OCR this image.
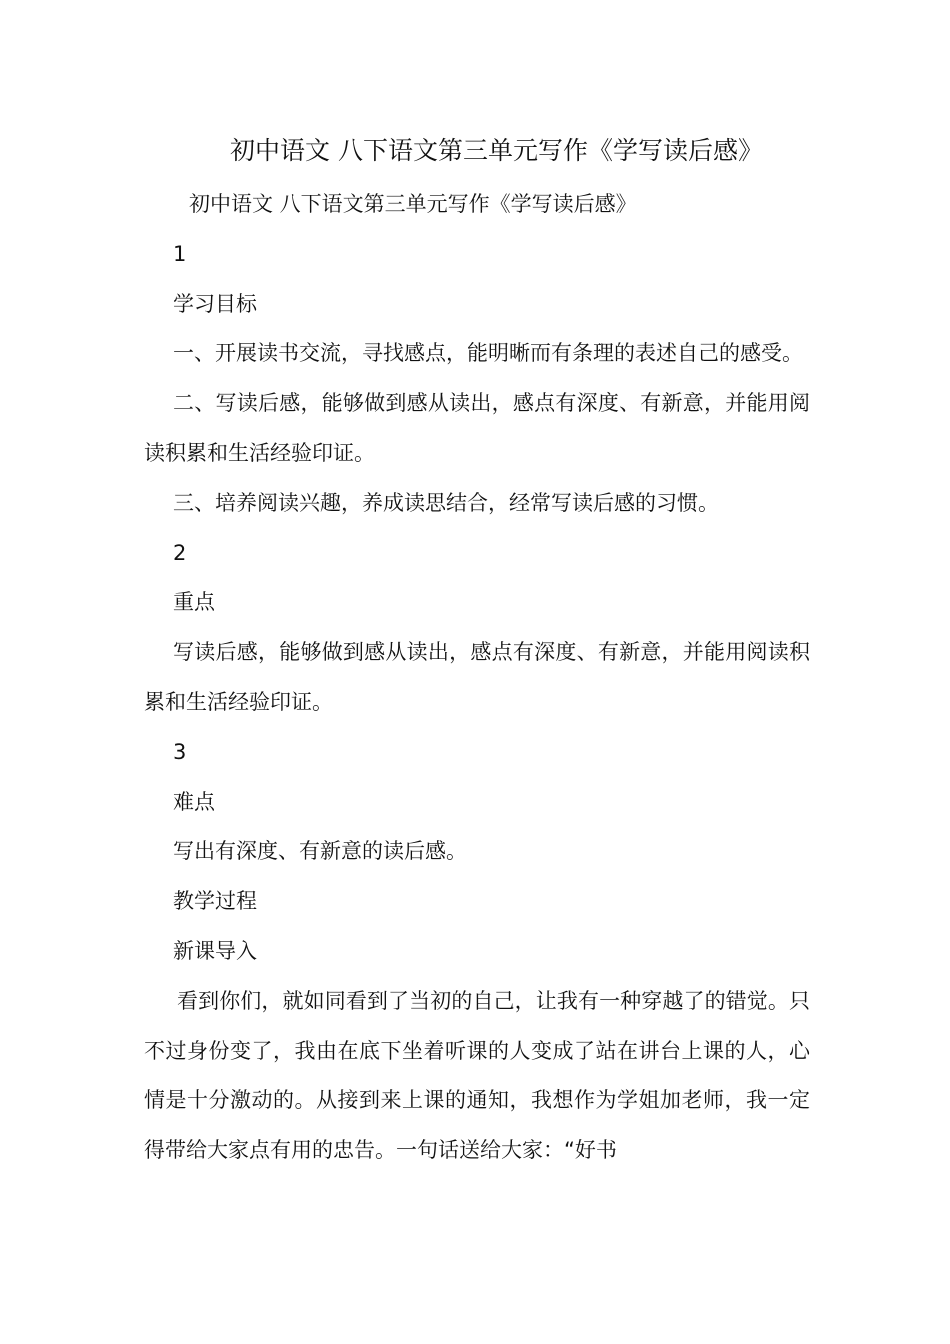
初中语文 八下语文第三单元写作《学写读后感》

初中语文 八下语文第三单元写作《学写读后感》

1

学习目标

一、开展读书交流，寻找感点，能明晰而有条理的表述自己的感受。

二、写读后感，能够做到感从读出，感点有深度、有新意，并能用阅读积累和生活经验印证。

三、培养阅读兴趣，养成读思结合，经常写读后感的习惯。

2

重点

写读后感，能够做到感从读出，感点有深度、有新意，并能用阅读积累和生活经验印证。

3

难点

写出有深度、有新意的读后感。

教学过程

新课导入

看到你们，就如同看到了当初的自己，让我有一种穿越了的错觉。只不过身份变了，我由在底下坐着听课的人变成了站在讲台上课的人，心情是十分激动的。从接到来上课的通知，我想作为学姐加老师，我一定得带给大家点有用的忠告。一句话送给大家：“好书
